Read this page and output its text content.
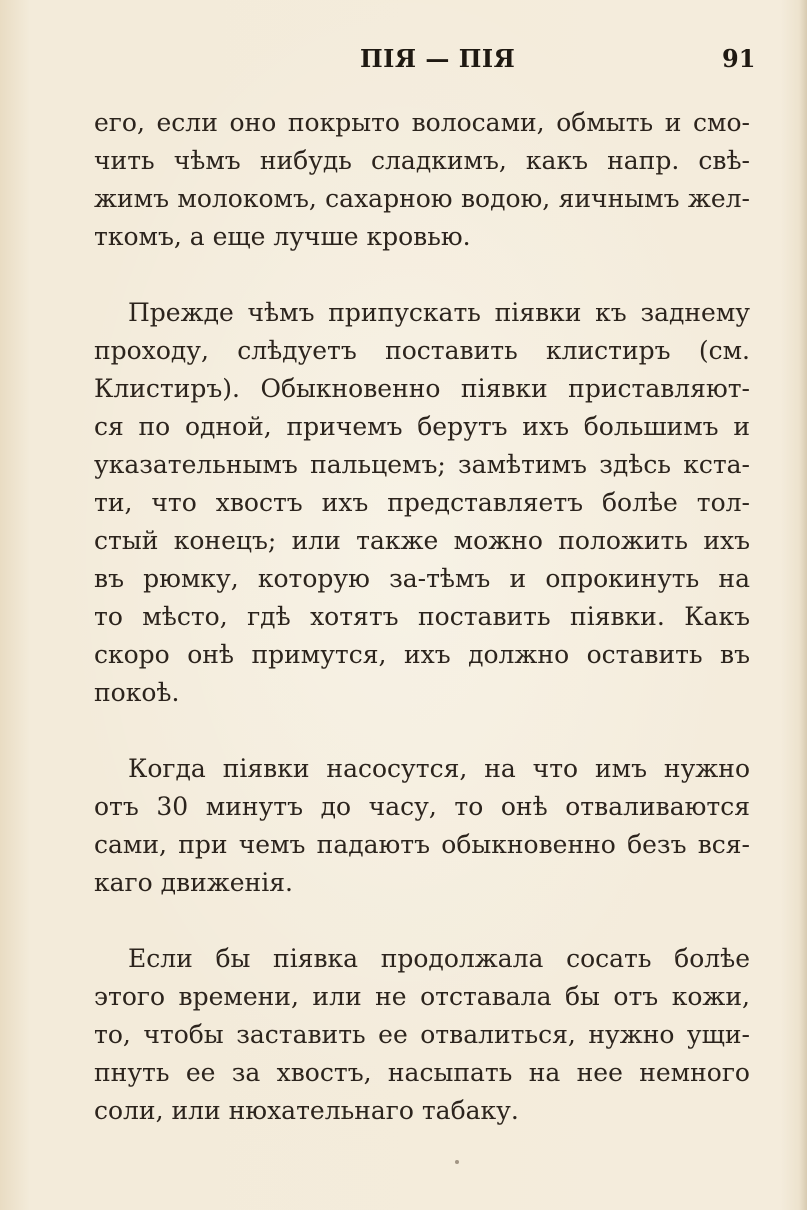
ПІЯ — ПІЯ	91
его, если оно покрыто волосами, обмыть и смо-
чить чѣмъ нибудь сладкимъ, какъ напр. свѣ-
жимъ молокомъ, сахарною водою, яичнымъ жел-
ткомъ, а еще лучше кровью.
Прежде чѣмъ припускать піявки къ заднему
проходу, слѣдуетъ поставить клистиръ (см.
Клистиръ). Обыкновенно піявки приставляют-
ся по одной, причемъ берутъ ихъ большимъ и
указательнымъ пальцемъ; замѣтимъ здѣсь кста-
ти, что хвостъ ихъ представляетъ болѣе тол-
стый конецъ; или также можно положить ихъ
въ рюмку, которую за-тѣмъ и опрокинуть на
то мѣсто, гдѣ хотятъ поставить піявки. Какъ
скоро онѣ примутся, ихъ должно оставить въ
покоѣ.
Когда піявки насосутся, на что имъ нужно
отъ 30 минутъ до часу, то онѣ отваливаются
сами, при чемъ падаютъ обыкновенно безъ вся-
каго движенія.
Если бы піявка продолжала сосать болѣе
этого времени, или не отставала бы отъ кожи,
то, чтобы заставить ее отвалиться, нужно ущи-
пнуть ее за хвостъ, насыпать на нее немного
соли, или нюхательнаго табаку.
